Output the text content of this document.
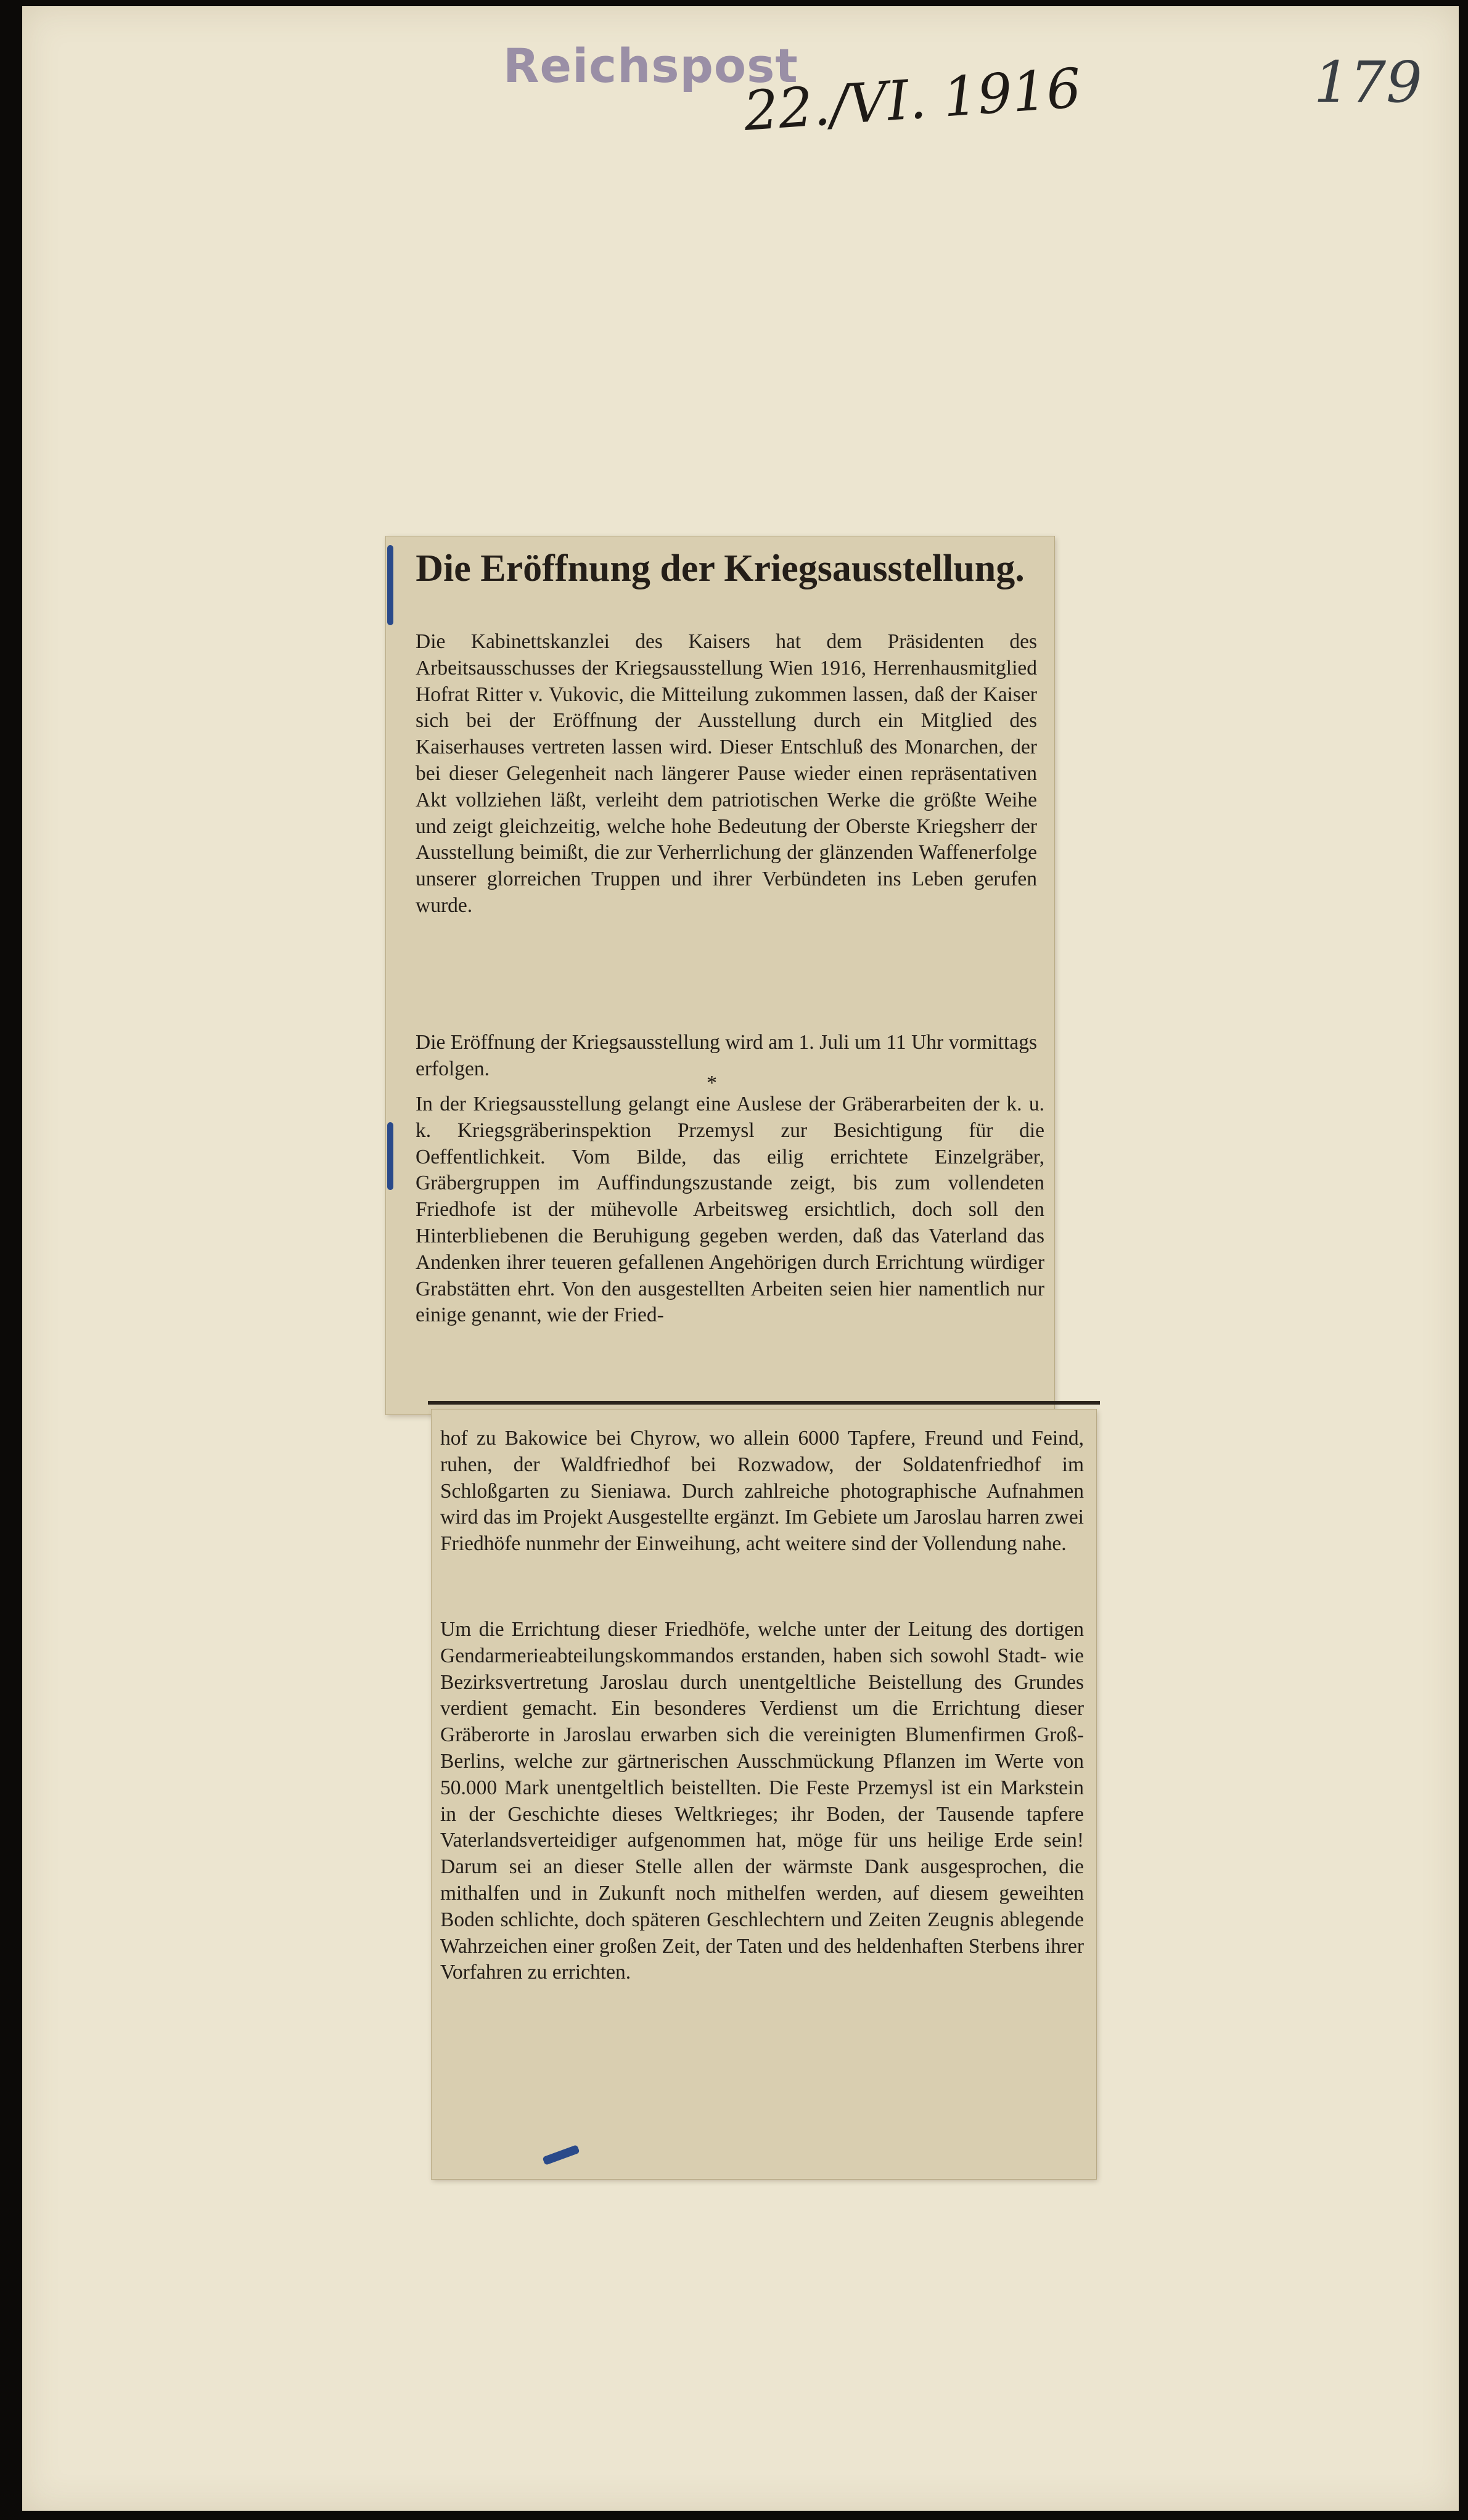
Reichspost
22./VI. 1916	179
Die Eröffnung der Kriegsausstellung.

Die Kabinettskanzlei des Kaisers hat dem Präsidenten des Arbeitsausschusses der Kriegsausstellung Wien 1916, Herrenhausmitglied Hofrat Ritter v. Vukovic, die Mitteilung zukommen lassen, daß der Kaiser sich bei der Eröffnung der Ausstellung durch ein Mitglied des Kaiserhauses vertreten lassen wird. Dieser Entschluß des Monarchen, der bei dieser Gelegenheit nach längerer Pause wieder einen repräsentativen Akt vollziehen läßt, verleiht dem patriotischen Werke die größte Weihe und zeigt gleichzeitig, welche hohe Bedeutung der Oberste Kriegsherr der Ausstellung beimißt, die zur Verherrlichung der glänzenden Waffenerfolge unserer glorreichen Truppen und ihrer Verbündeten ins Leben gerufen wurde.

Die Eröffnung der Kriegsausstellung wird am 1. Juli um 11 Uhr vormittags erfolgen.

*

In der Kriegsausstellung gelangt eine Auslese der Gräberarbeiten der k. u. k. Kriegsgräberinspektion Przemysl zur Besichtigung für die Oeffentlichkeit. Vom Bilde, das eilig errichtete Einzelgräber, Gräbergruppen im Auffindungszustande zeigt, bis zum vollendeten Friedhofe ist der mühevolle Arbeitsweg ersichtlich, doch soll den Hinterbliebenen die Beruhigung gegeben werden, daß das Vaterland das Andenken ihrer teueren gefallenen Angehörigen durch Errichtung würdiger Grabstätten ehrt. Von den ausgestellten Arbeiten seien hier namentlich nur einige genannt, wie der Fried-

hof zu Bakowice bei Chyrow, wo allein 6000 Tapfere, Freund und Feind, ruhen, der Waldfriedhof bei Rozwadow, der Soldatenfriedhof im Schloßgarten zu Sieniawa. Durch zahlreiche photographische Aufnahmen wird das im Projekt Ausgestellte ergänzt. Im Gebiete um Jaroslau harren zwei Friedhöfe nunmehr der Einweihung, acht weitere sind der Vollendung nahe.

Um die Errichtung dieser Friedhöfe, welche unter der Leitung des dortigen Gendarmerieabteilungskommandos erstanden, haben sich sowohl Stadt- wie Bezirksvertretung Jaroslau durch unentgeltliche Beistellung des Grundes verdient gemacht. Ein besonderes Verdienst um die Errichtung dieser Gräberorte in Jaroslau erwarben sich die vereinigten Blumenfirmen Groß-Berlins, welche zur gärtnerischen Ausschmückung Pflanzen im Werte von 50.000 Mark unentgeltlich beistellten. Die Feste Przemysl ist ein Markstein in der Geschichte dieses Weltkrieges; ihr Boden, der Tausende tapfere Vaterlandsverteidiger aufgenommen hat, möge für uns heilige Erde sein! Darum sei an dieser Stelle allen der wärmste Dank ausgesprochen, die mithalfen und in Zukunft noch mithelfen werden, auf diesem geweihten Boden schlichte, doch späteren Geschlechtern und Zeiten Zeugnis ablegende Wahrzeichen einer großen Zeit, der Taten und des heldenhaften Sterbens ihrer Vorfahren zu errichten.
